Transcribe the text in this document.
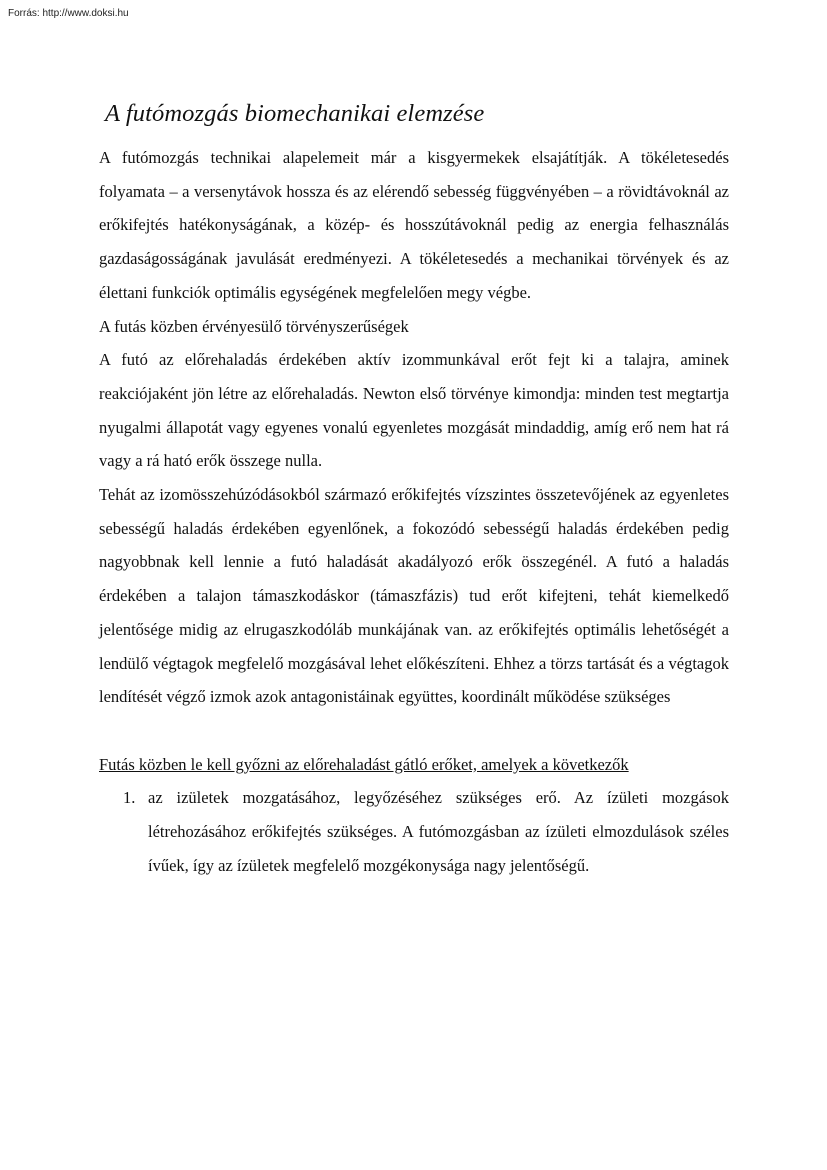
Forrás: http://www.doksi.hu
A futómozgás biomechanikai elemzése

A futómozgás technikai alapelemeit már a kisgyermekek elsajátítják. A tökéletesedés folyamata – a versenytávok hossza és az elérendő sebesség függvényében – a rövidtávoknál az erőkifejtés hatékonyságának, a közép- és hosszútávoknál pedig az energia felhasználás gazdaságosságának javulását eredményezi. A tökéletesedés a mechanikai törvények és az élettani funkciók optimális egységének megfelelően megy végbe.

A futás közben érvényesülő törvényszerűségek

A futó az előrehaladás érdekében aktív izommunkával erőt fejt ki a talajra, aminek reakciójaként jön létre az előrehaladás. Newton első törvénye kimondja: minden test megtartja nyugalmi állapotát vagy egyenes vonalú egyenletes mozgását mindaddig, amíg erő nem hat rá vagy a rá ható erők összege nulla.

Tehát az izomösszehúzódásokból származó erőkifejtés vízszintes összetevőjének az egyenletes sebességű haladás érdekében egyenlőnek, a fokozódó sebességű haladás érdekében pedig nagyobbnak kell lennie a futó haladását akadályozó erők összegénél. A futó a haladás érdekében a talajon támaszkodáskor (támaszfázis) tud erőt kifejteni, tehát kiemelkedő jelentősége midig az elrugaszkodóláb munkájának van. az erőkifejtés optimális lehetőségét a lendülő végtagok megfelelő mozgásával lehet előkészíteni. Ehhez a törzs tartását és a végtagok lendítését végző izmok azok antagonistáinak együttes, koordinált működése szükséges

Futás közben le kell győzni az előrehaladást gátló erőket, amelyek a következők

1. az izületek mozgatásához, legyőzéséhez szükséges erő. Az ízületi mozgások létrehozásához erőkifejtés szükséges. A futómozgásban az ízületi elmozdulások széles ívűek, így az ízületek megfelelő mozgékonysága nagy jelentőségű.
